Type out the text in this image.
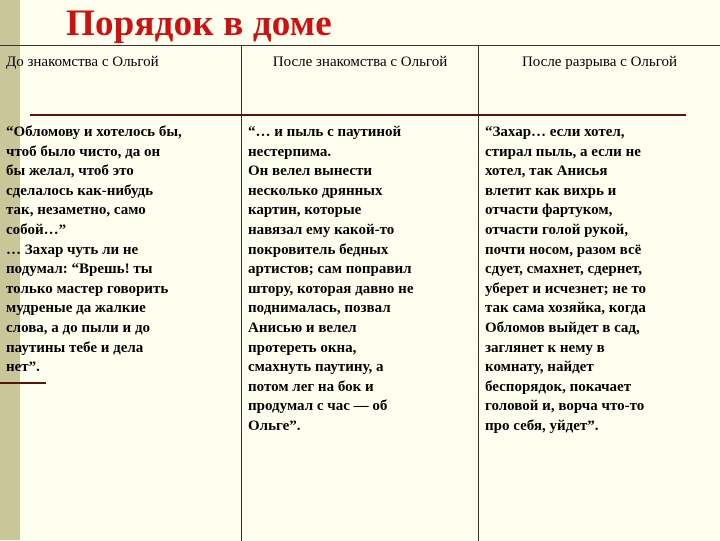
Порядок в доме
До знакомства с Ольгой
“Обломову и хотелось бы,
чтоб было чисто, да он
бы желал, чтоб это
сделалось как-нибудь
так, незаметно, само
собой…”
… Захар чуть ли не
подумал: “Врешь! ты
только мастер говорить
мудреные да жалкие
слова, а до пыли и до
паутины тебе и дела
нет”.
После знакомства с Ольгой
“… и пыль с паутиной
нестерпима.
Он велел вынести
несколько дрянных
картин, которые
навязал ему какой-то
покровитель бедных
артистов; сам поправил
штору, которая давно не
поднималась, позвал
Анисью и велел
протереть окна,
смахнуть паутину, а
потом лег на бок и
продумал с час — об
Ольге”.
После разрыва с Ольгой
“Захар… если хотел,
стирал пыль, а если не
хотел, так Анисья
влетит как вихрь и
отчасти фартуком,
отчасти голой рукой,
почти носом, разом всё
сдует, смахнет, сдернет,
уберет и исчезнет; не то
так сама хозяйка, когда
Обломов выйдет в сад,
заглянет к нему в
комнату, найдет
беспорядок, покачает
головой и, ворча что-то
про себя, уйдет”.
